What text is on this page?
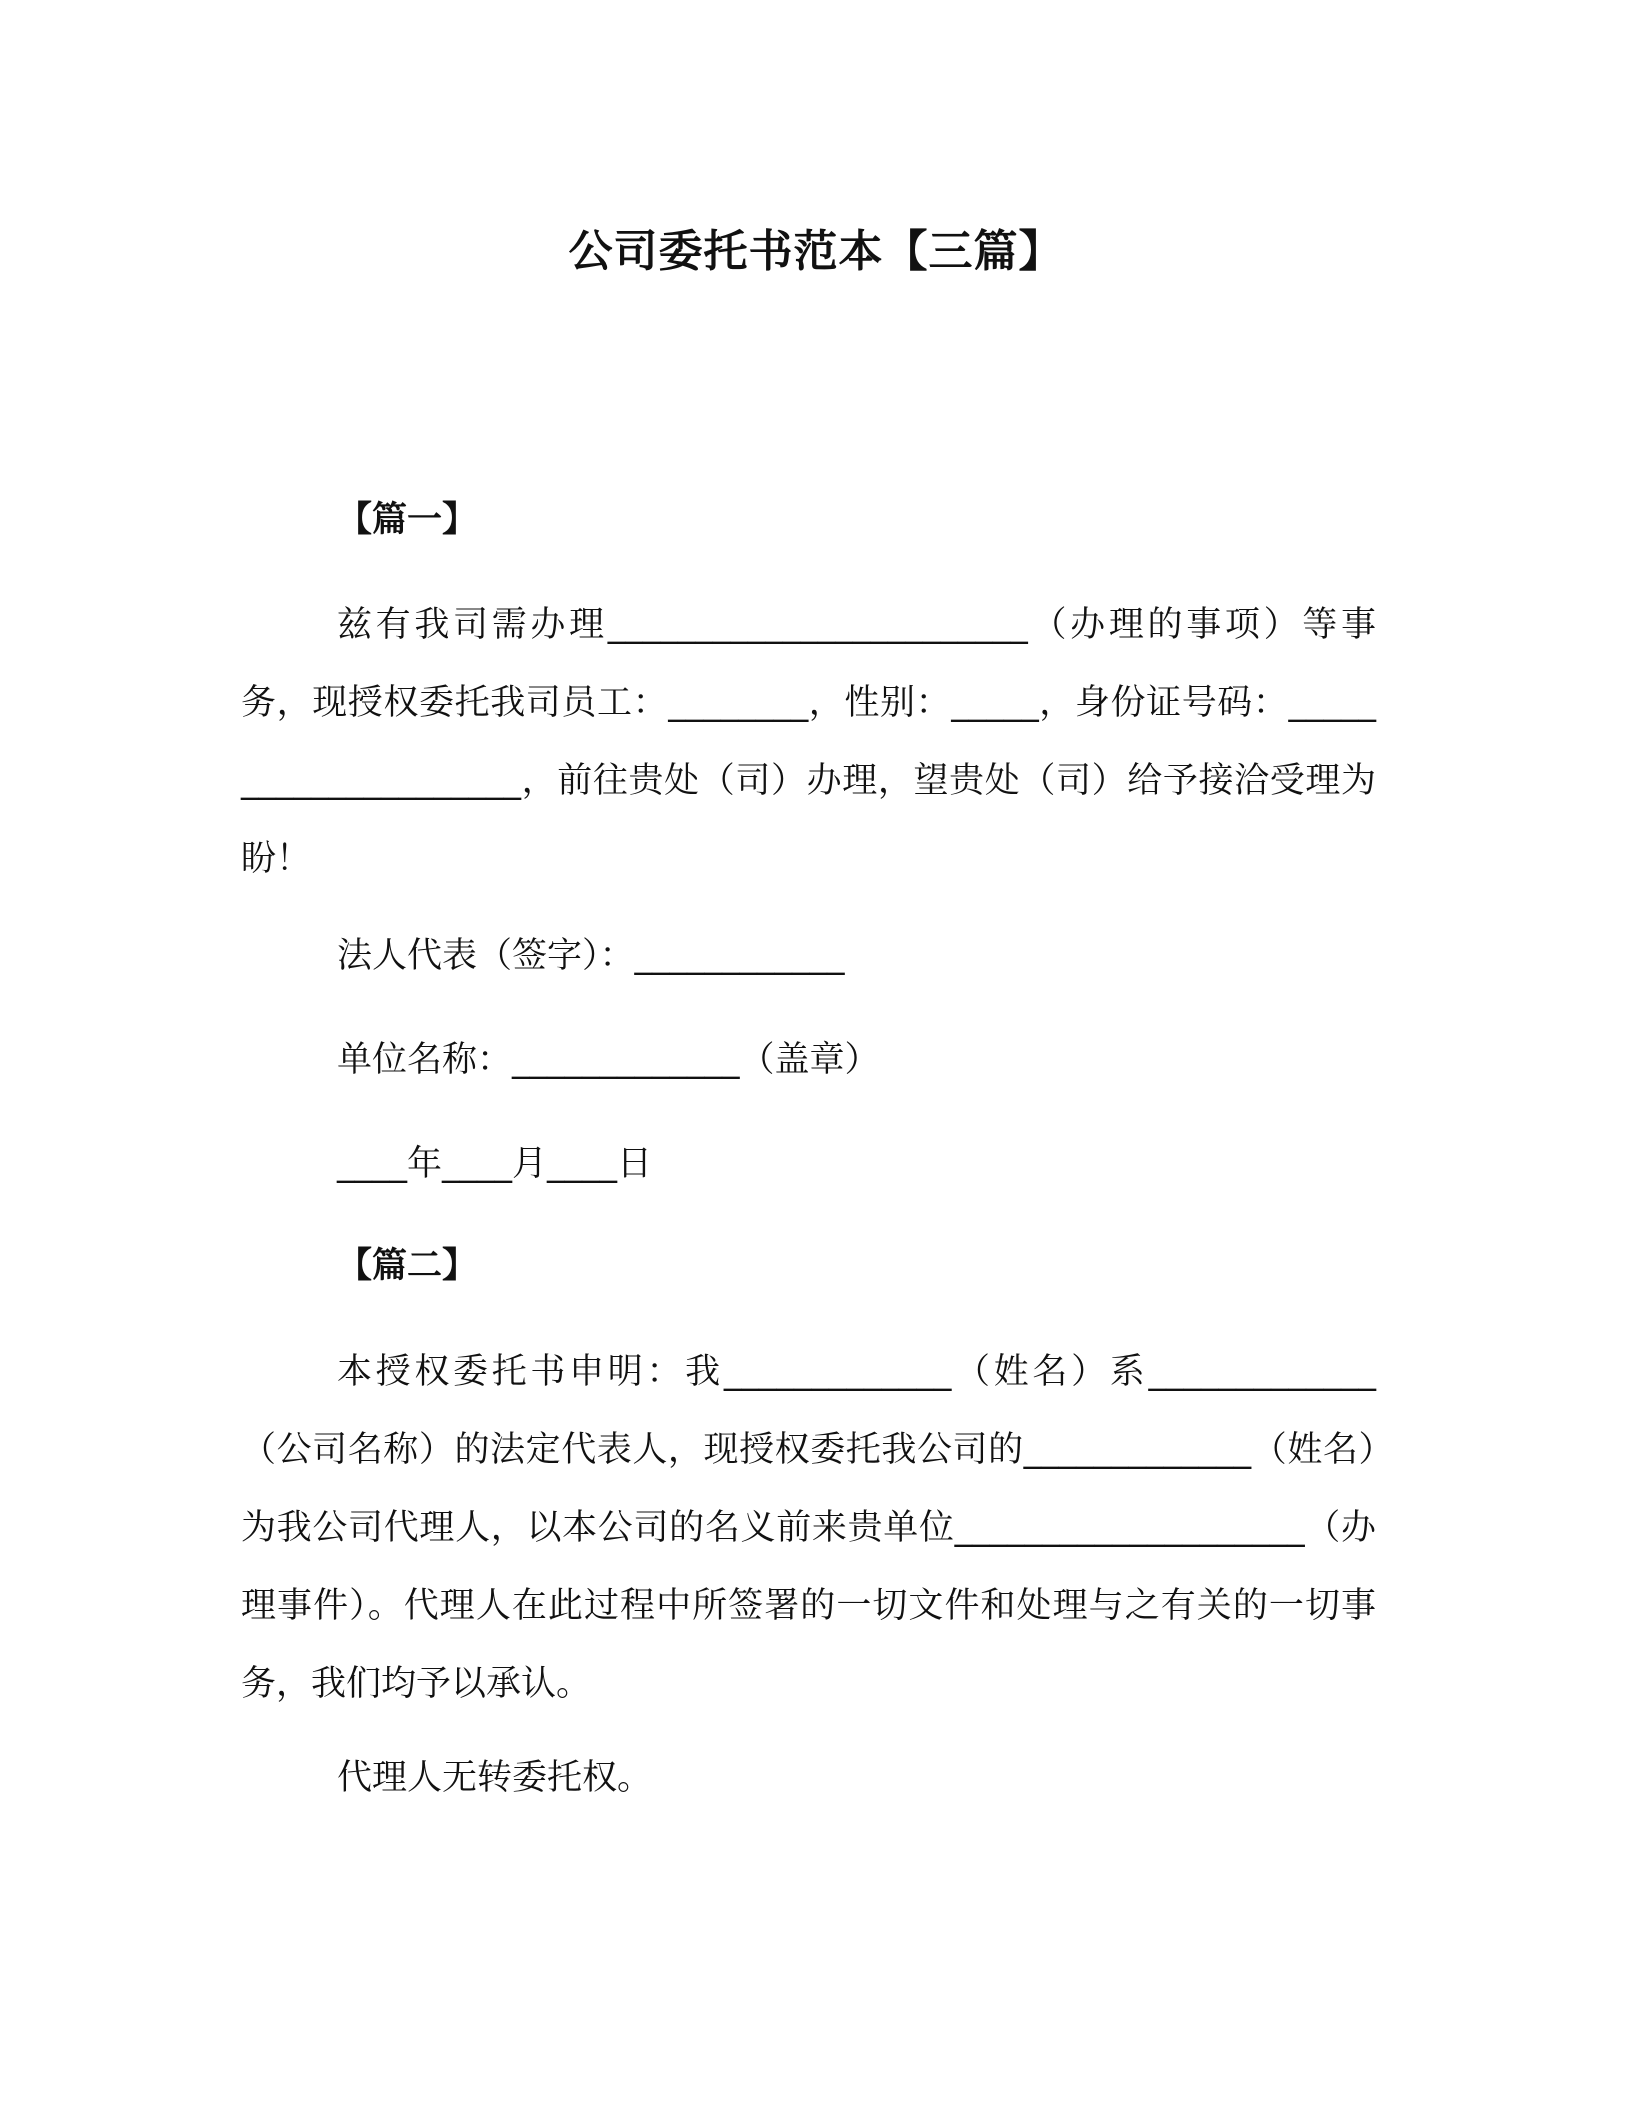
公司委托书范本【三篇】
【篇一】
兹有我司需办理________________________（办理的事项）等事务，现授权委托我司员工：________，性别：_____，身份证号码：_____________________，前往贵处（司）办理，望贵处（司）给予接洽受理为盼！
法人代表（签字）：____________
单位名称：_____________（盖章）
____年____月____日
【篇二】
本授权委托书申明：我_____________（姓名）系_____________（公司名称）的法定代表人，现授权委托我公司的_____________（姓名）为我公司代理人，以本公司的名义前来贵单位____________________（办理事件）。代理人在此过程中所签署的一切文件和处理与之有关的一切事务，我们均予以承认。
代理人无转委托权。
